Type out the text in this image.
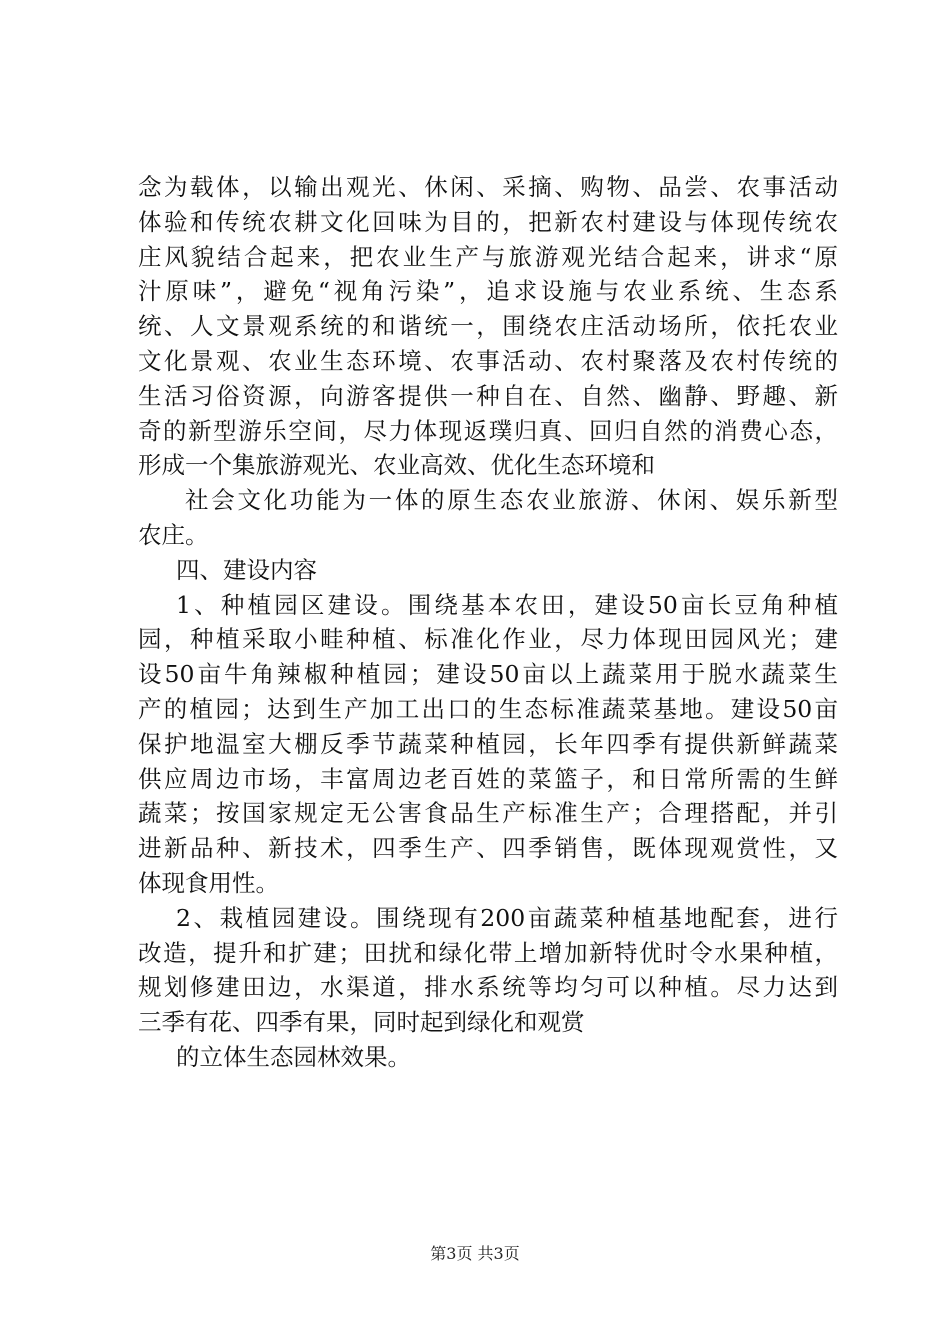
念为载体，以输出观光、休闲、采摘、购物、品尝、农事活动
体验和传统农耕文化回味为目的，把新农村建设与体现传统农
庄风貌结合起来，把农业生产与旅游观光结合起来，讲求“原
汁原味”，避免“视角污染”，追求设施与农业系统、生态系
统、人文景观系统的和谐统一，围绕农庄活动场所，依托农业
文化景观、农业生态环境、农事活动、农村聚落及农村传统的
生活习俗资源，向游客提供一种自在、自然、幽静、野趣、新
奇的新型游乐空间，尽力体现返璞归真、回归自然的消费心态，
形成一个集旅游观光、农业高效、优化生态环境和
社会文化功能为一体的原生态农业旅游、休闲、娱乐新型
农庄。
四、建设内容
1、种植园区建设。围绕基本农田，建设50亩长豆角种植
园，种植采取小畦种植、标准化作业，尽力体现田园风光；建
设50亩牛角辣椒种植园；建设50亩以上蔬菜用于脱水蔬菜生
产的植园；达到生产加工出口的生态标准蔬菜基地。建设50亩
保护地温室大棚反季节蔬菜种植园，长年四季有提供新鲜蔬菜
供应周边市场，丰富周边老百姓的菜篮子，和日常所需的生鲜
蔬菜；按国家规定无公害食品生产标准生产；合理搭配，并引
进新品种、新技术，四季生产、四季销售，既体现观赏性，又
体现食用性。
2、栽植园建设。围绕现有200亩蔬菜种植基地配套，进行
改造，提升和扩建；田扰和绿化带上增加新特优时令水果种植，
规划修建田边，水渠道，排水系统等均匀可以种植。尽力达到
三季有花、四季有果，同时起到绿化和观赏
的立体生态园林效果。
第3页 共3页
